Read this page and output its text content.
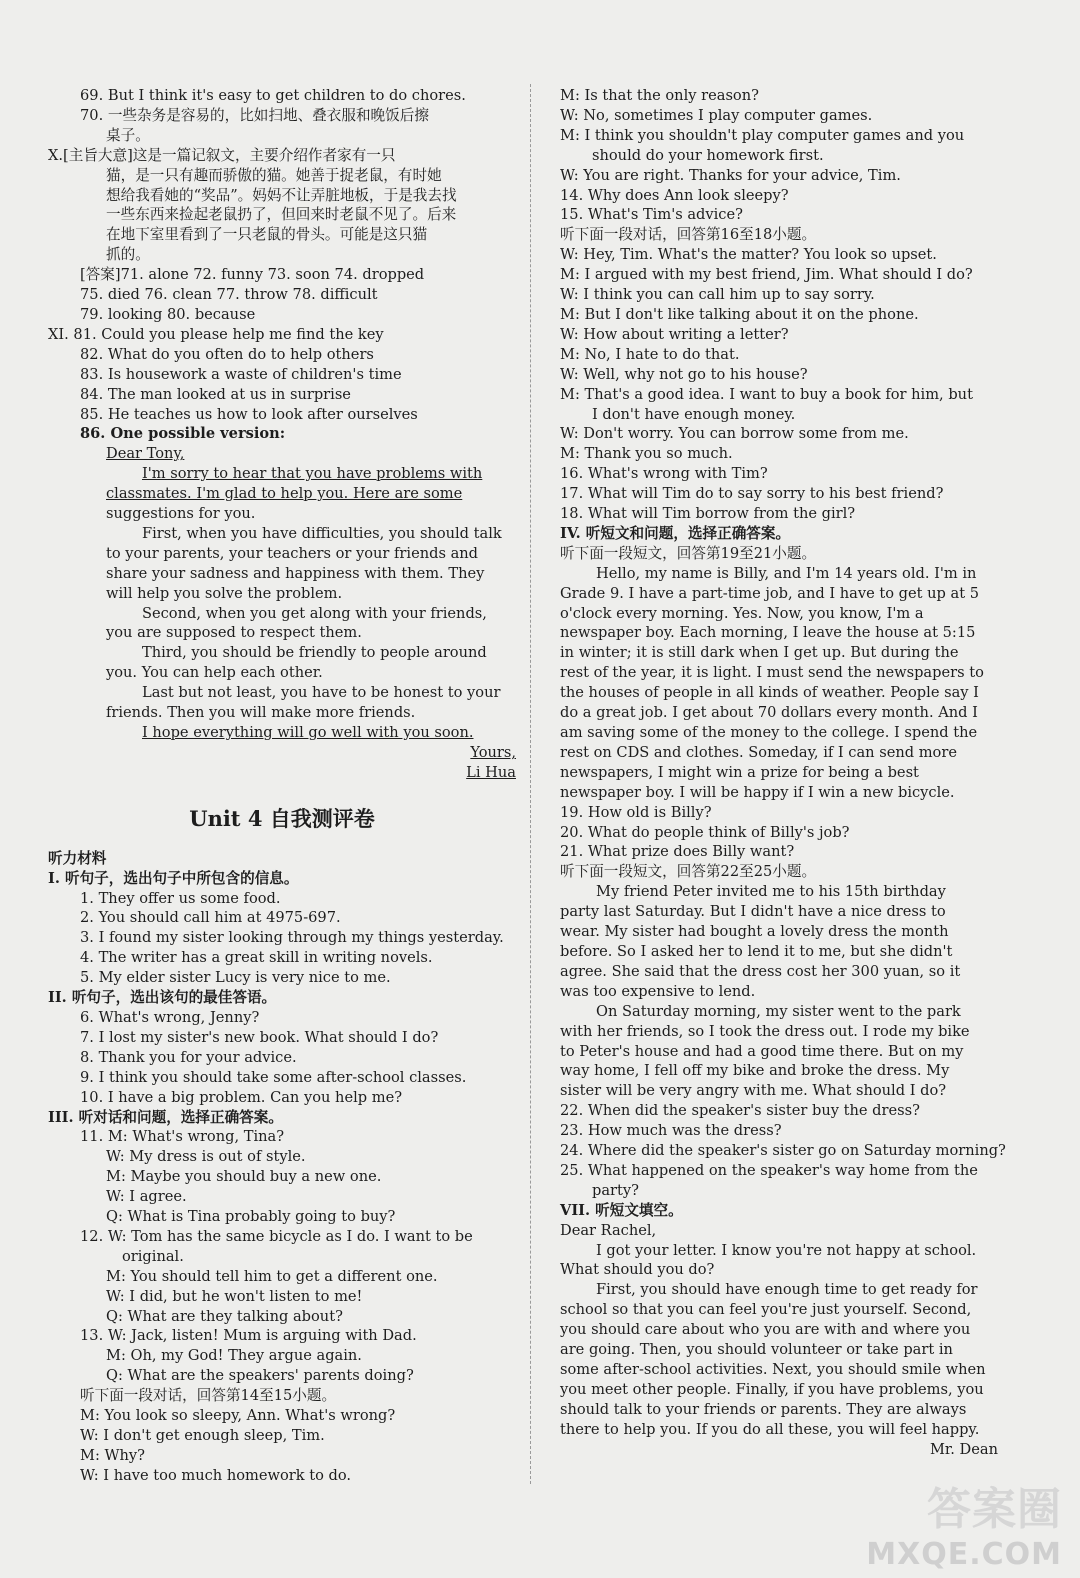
69. But I think it's easy to get children to do chores.
70. 一些杂务是容易的，比如扫地、叠衣服和晚饭后擦
桌子。
X.[主旨大意]这是一篇记叙文，主要介绍作者家有一只
猫，是一只有趣而骄傲的猫。她善于捉老鼠，有时她
想给我看她的“奖品”。妈妈不让弄脏地板，于是我去找
一些东西来捡起老鼠扔了，但回来时老鼠不见了。后来
在地下室里看到了一只老鼠的骨头。可能是这只猫
抓的。
[答案]71. alone 72. funny 73. soon 74. dropped
75. died 76. clean 77. throw 78. difficult
79. looking 80. because
XI. 81. Could you please help me find the key
82. What do you often do to help others
83. Is housework a waste of children's time
84. The man looked at us in surprise
85. He teaches us how to look after ourselves
86. One possible version:
Dear Tony,
I'm sorry to hear that you have problems with
classmates. I'm glad to help you. Here are some
suggestions for you.
First, when you have difficulties, you should talk
to your parents, your teachers or your friends and
share your sadness and happiness with them. They
will help you solve the problem.
Second, when you get along with your friends,
you are supposed to respect them.
Third, you should be friendly to people around
you. You can help each other.
Last but not least, you have to be honest to your
friends. Then you will make more friends.
I hope everything will go well with you soon.
Yours,
Li Hua
Unit 4 自我测评卷
听力材料
I. 听句子，选出句子中所包含的信息。
1. They offer us some food.
2. You should call him at 4975-697.
3. I found my sister looking through my things yesterday.
4. The writer has a great skill in writing novels.
5. My elder sister Lucy is very nice to me.
II. 听句子，选出该句的最佳答语。
6. What's wrong, Jenny?
7. I lost my sister's new book. What should I do?
8. Thank you for your advice.
9. I think you should take some after-school classes.
10. I have a big problem. Can you help me?
III. 听对话和问题，选择正确答案。
11. M: What's wrong, Tina?
W: My dress is out of style.
M: Maybe you should buy a new one.
W: I agree.
Q: What is Tina probably going to buy?
12. W: Tom has the same bicycle as I do. I want to be
original.
M: You should tell him to get a different one.
W: I did, but he won't listen to me!
Q: What are they talking about?
13. W: Jack, listen! Mum is arguing with Dad.
M: Oh, my God! They argue again.
Q: What are the speakers' parents doing?
听下面一段对话，回答第14至15小题。
M: You look so sleepy, Ann. What's wrong?
W: I don't get enough sleep, Tim.
M: Why?
W: I have too much homework to do.
M: Is that the only reason?
W: No, sometimes I play computer games.
M: I think you shouldn't play computer games and you
should do your homework first.
W: You are right. Thanks for your advice, Tim.
14. Why does Ann look sleepy?
15. What's Tim's advice?
听下面一段对话，回答第16至18小题。
W: Hey, Tim. What's the matter? You look so upset.
M: I argued with my best friend, Jim. What should I do?
W: I think you can call him up to say sorry.
M: But I don't like talking about it on the phone.
W: How about writing a letter?
M: No, I hate to do that.
W: Well, why not go to his house?
M: That's a good idea. I want to buy a book for him, but
I don't have enough money.
W: Don't worry. You can borrow some from me.
M: Thank you so much.
16. What's wrong with Tim?
17. What will Tim do to say sorry to his best friend?
18. What will Tim borrow from the girl?
IV. 听短文和问题，选择正确答案。
听下面一段短文，回答第19至21小题。
Hello, my name is Billy, and I'm 14 years old. I'm in
Grade 9. I have a part-time job, and I have to get up at 5
o'clock every morning. Yes. Now, you know, I'm a
newspaper boy. Each morning, I leave the house at 5:15
in winter; it is still dark when I get up. But during the
rest of the year, it is light. I must send the newspapers to
the houses of people in all kinds of weather. People say I
do a great job. I get about 70 dollars every month. And I
am saving some of the money to the college. I spend the
rest on CDS and clothes. Someday, if I can send more
newspapers, I might win a prize for being a best
newspaper boy. I will be happy if I win a new bicycle.
19. How old is Billy?
20. What do people think of Billy's job?
21. What prize does Billy want?
听下面一段短文，回答第22至25小题。
My friend Peter invited me to his 15th birthday
party last Saturday. But I didn't have a nice dress to
wear. My sister had bought a lovely dress the month
before. So I asked her to lend it to me, but she didn't
agree. She said that the dress cost her 300 yuan, so it
was too expensive to lend.
On Saturday morning, my sister went to the park
with her friends, so I took the dress out. I rode my bike
to Peter's house and had a good time there. But on my
way home, I fell off my bike and broke the dress. My
sister will be very angry with me. What should I do?
22. When did the speaker's sister buy the dress?
23. How much was the dress?
24. Where did the speaker's sister go on Saturday morning?
25. What happened on the speaker's way home from the
party?
VII. 听短文填空。
Dear Rachel,
I got your letter. I know you're not happy at school.
What should you do?
First, you should have enough time to get ready for
school so that you can feel you're just yourself. Second,
you should care about who you are with and where you
are going. Then, you should volunteer or take part in
some after-school activities. Next, you should smile when
you meet other people. Finally, if you have problems, you
should talk to your friends or parents. They are always
there to help you. If you do all these, you will feel happy.
Mr. Dean
答案圈
MXQE.COM
